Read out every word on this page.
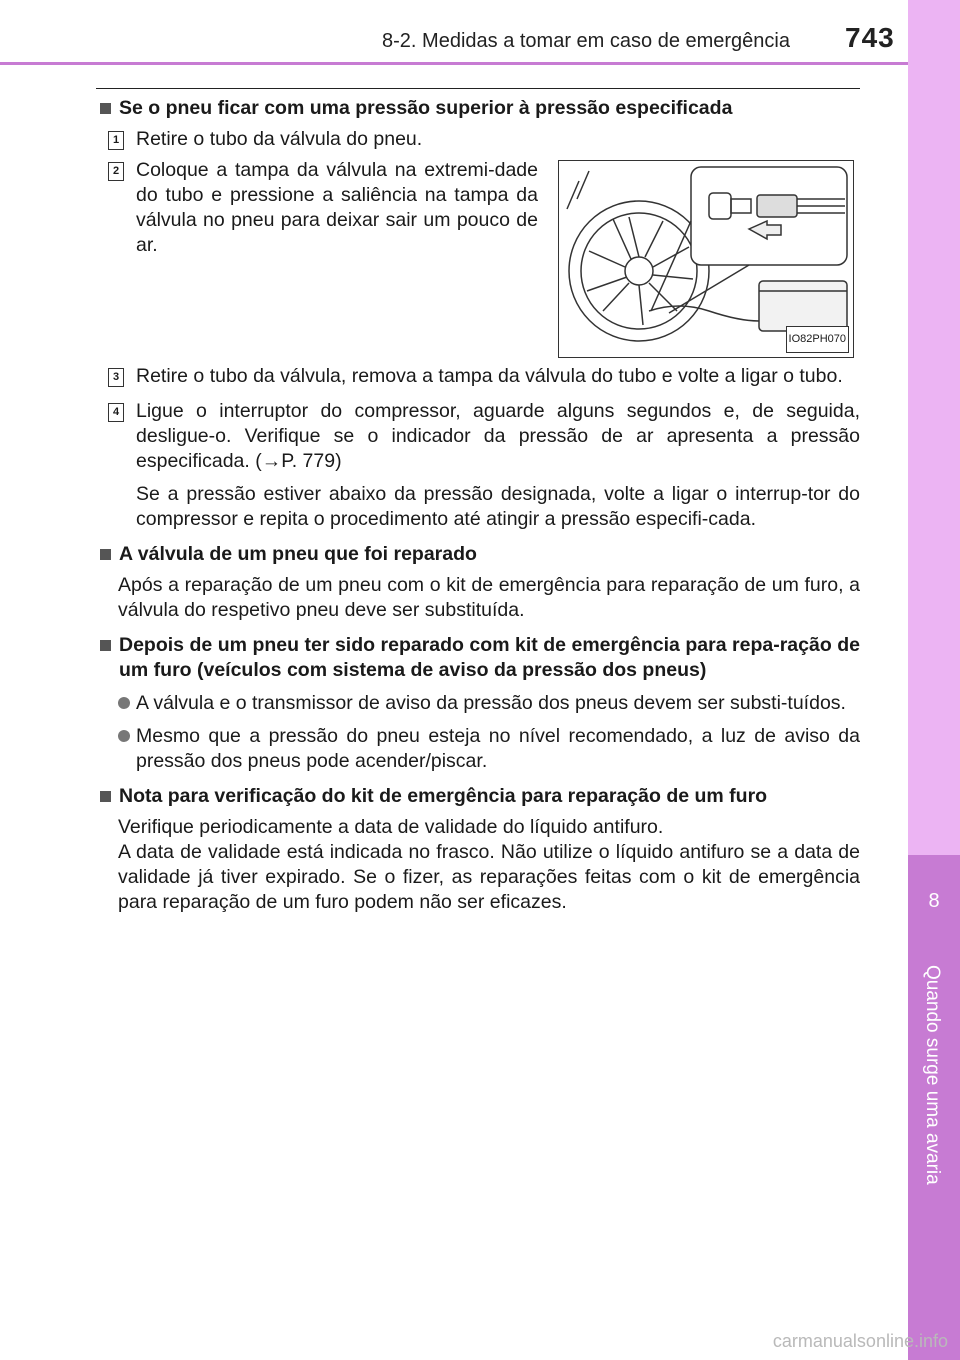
8-2. Medidas a tomar em caso de emergência 743
8
Quando surge uma avaria
Se o pneu ficar com uma pressão superior à pressão especificada
1 Retire o tubo da válvula do pneu.
2 Coloque a tampa da válvula na extremi-dade do tubo e pressione a saliência na tampa da válvula no pneu para deixar sair um pouco de ar.
IO82PH070
3 Retire o tubo da válvula, remova a tampa da válvula do tubo e volte a ligar o tubo.
4 Ligue o interruptor do compressor, aguarde alguns segundos e, de seguida, desligue-o. Verifique se o indicador da pressão de ar apresenta a pressão especificada. (→P. 779)
Se a pressão estiver abaixo da pressão designada, volte a ligar o interrup-tor do compressor e repita o procedimento até atingir a pressão especifi-cada.
A válvula de um pneu que foi reparado
Após a reparação de um pneu com o kit de emergência para reparação de um furo, a válvula do respetivo pneu deve ser substituída.
Depois de um pneu ter sido reparado com kit de emergência para repa-ração de um furo (veículos com sistema de aviso da pressão dos pneus)
A válvula e o transmissor de aviso da pressão dos pneus devem ser substi-tuídos.
Mesmo que a pressão do pneu esteja no nível recomendado, a luz de aviso da pressão dos pneus pode acender/piscar.
Nota para verificação do kit de emergência para reparação de um furo
Verifique periodicamente a data de validade do líquido antifuro.
A data de validade está indicada no frasco. Não utilize o líquido antifuro se a data de validade já tiver expirado. Se o fizer, as reparações feitas com o kit de emergência para reparação de um furo podem não ser eficazes.
carmanualsonline.info
